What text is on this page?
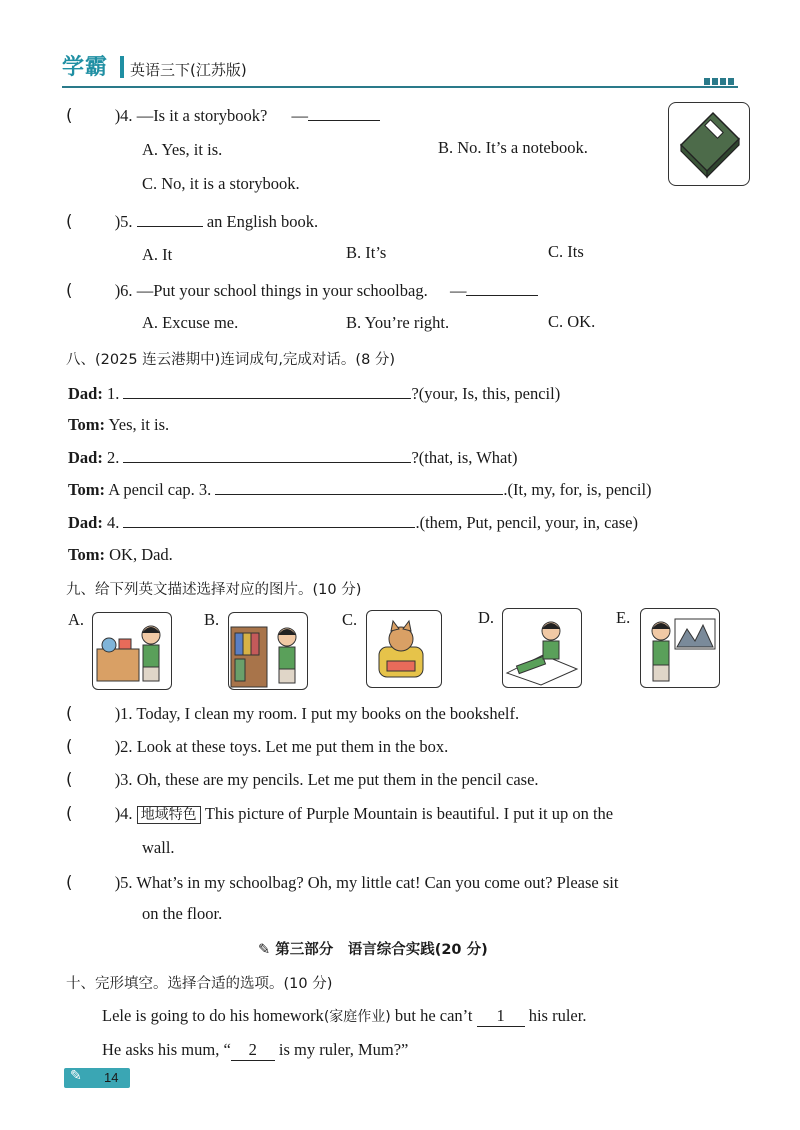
学霸 英语三下(江苏版)
(	)4. —Is it a storybook? —
A. Yes, it is.	B. No. It’s a notebook.
C. No, it is a storybook.
(	)5.	an English book.
A. It	B. It’s	C. Its
(	)6. —Put your school things in your schoolbag. —
A. Excuse me.	B. You’re right.	C. OK.
八、(2025 连云港期中)连词成句,完成对话。(8 分)
Dad: 1.	?(your, Is, this, pencil)
Tom: Yes, it is.
Dad: 2.	?(that, is, What)
Tom: A pencil cap. 3.	.(It, my, for, is, pencil)
Dad: 4.	.(them, Put, pencil, your, in, case)
Tom: OK, Dad.
九、给下列英文描述选择对应的图片。(10 分)
A.	B.	C.	D.	E.
(	)1. Today, I clean my room. I put my books on the bookshelf.
(	)2. Look at these toys. Let me put them in the box.
(	)3. Oh, these are my pencils. Let me put them in the pencil case.
(	)4. 地域特色 This picture of Purple Mountain is beautiful. I put it up on the
wall.
(	)5. What’s in my schoolbag? Oh, my little cat! Can you come out? Please sit
on the floor.
✎ 第三部分　语言综合实践(20 分)
十、完形填空。选择合适的选项。(10 分)
Lele is going to do his homework(家庭作业) but he can’t 1 his ruler.
He asks his mum, “ 2 is my ruler, Mum?”
✎ 14
